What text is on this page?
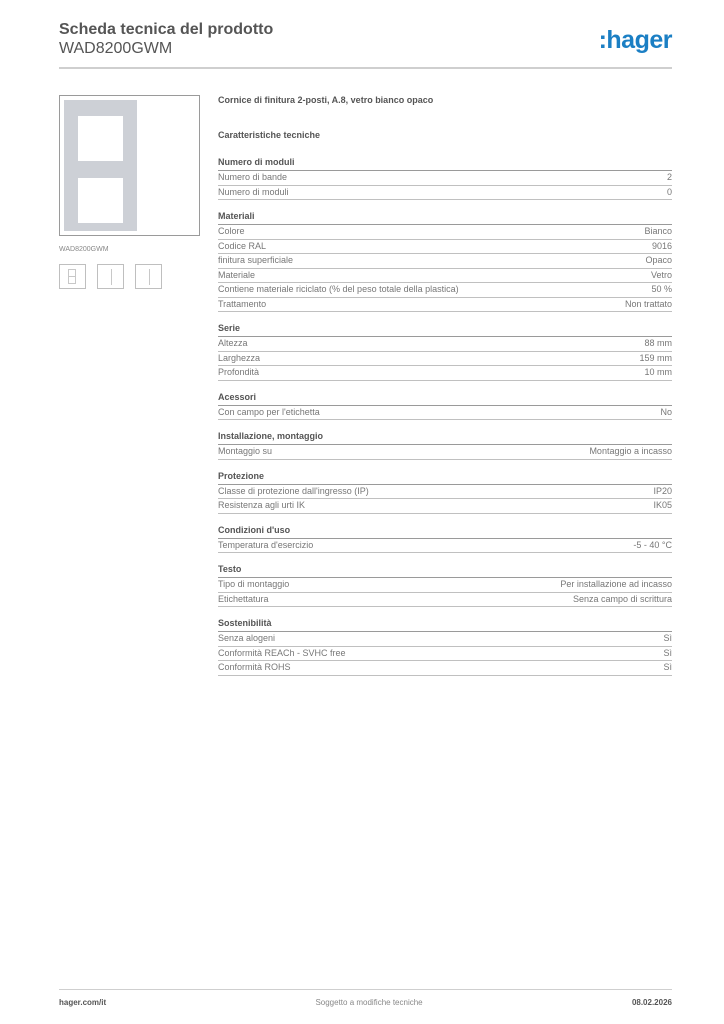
Scheda tecnica del prodotto
WAD8200GWM	:hager
WAD8200GWM
Cornice di finitura 2-posti, A.8, vetro bianco opaco
Caratteristiche tecniche
Numero di moduli
Numero di bande	2
Numero di moduli	0
Materiali
Colore	Bianco
Codice RAL	9016
finitura superficiale	Opaco
Materiale	Vetro
Contiene materiale riciclato (% del peso totale della plastica)	50 %
Trattamento	Non trattato
Serie
Altezza	88 mm
Larghezza	159 mm
Profondità	10 mm
Acessori
Con campo per l'etichetta	No
Installazione, montaggio
Montaggio su	Montaggio a incasso
Protezione
Classe di protezione dall'ingresso (IP)	IP20
Resistenza agli urti IK	IK05
Condizioni d'uso
Temperatura d'esercizio	-5 - 40 °C
Testo
Tipo di montaggio	Per installazione ad incasso
Etichettatura	Senza campo di scrittura
Sostenibilità
Senza alogeni	Sì
Conformità REACh - SVHC free	Sì
Conformità ROHS	Sì
hager.com/it	Soggetto a modifiche tecniche	08.02.2026
